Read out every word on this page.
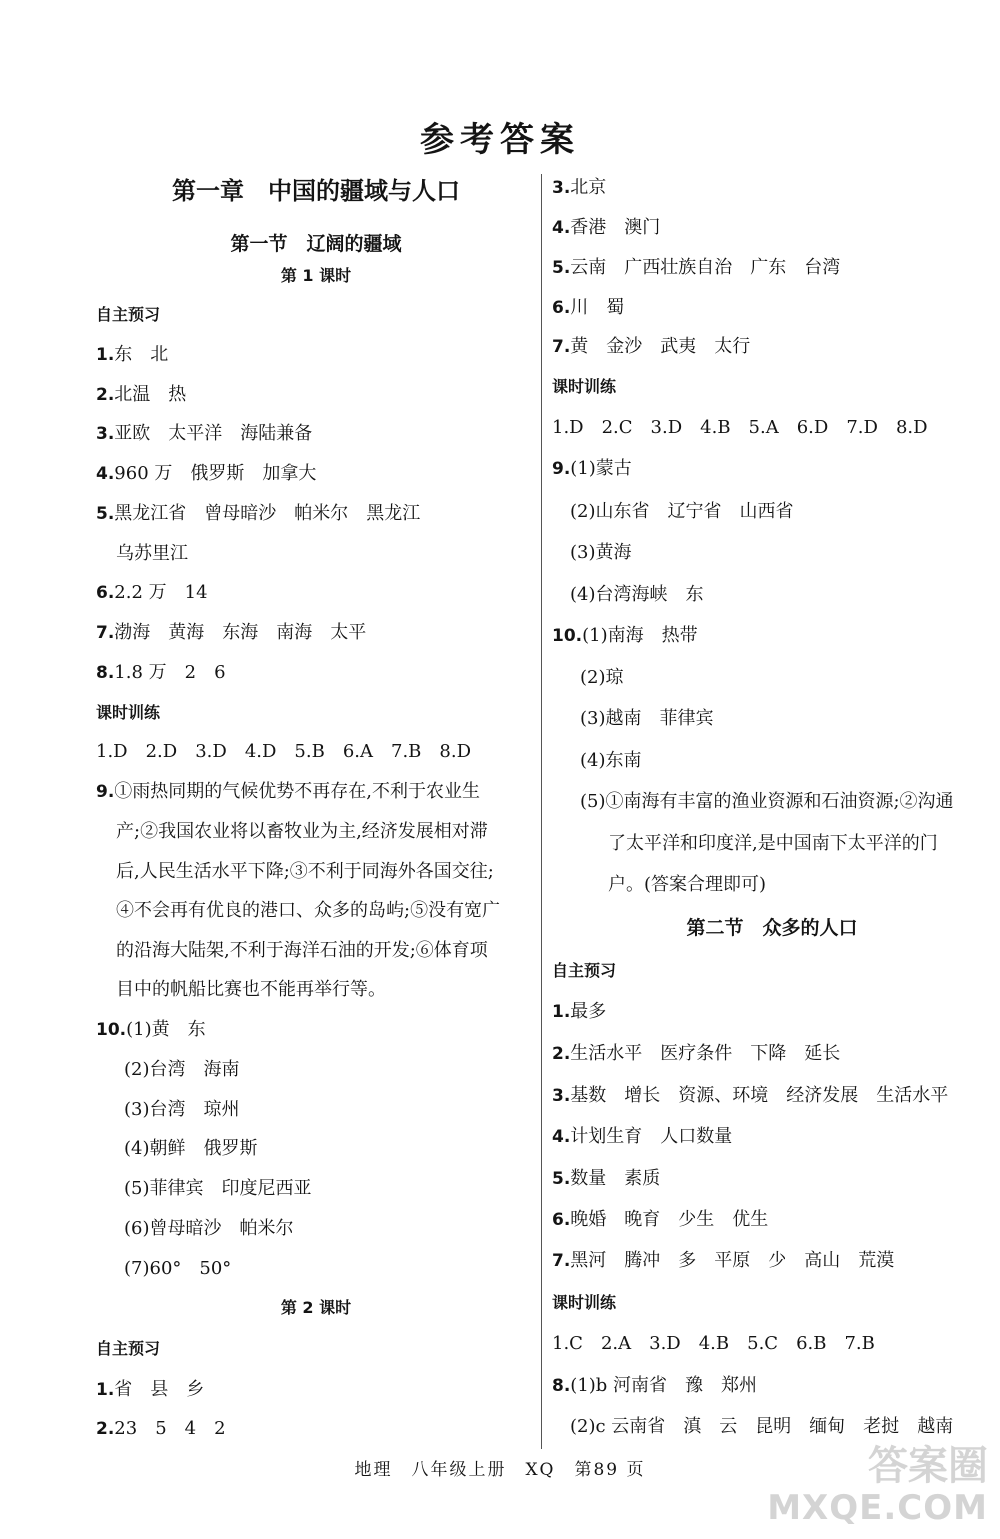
参考答案
第一章　中国的疆域与人口
第一节　辽阔的疆域
第 1 课时
自主预习
1.东　北
2.北温　热
3.亚欧　太平洋　海陆兼备
4.960 万　俄罗斯　加拿大
5.黑龙江省　曾母暗沙　帕米尔　黑龙江
乌苏里江
6.2.2 万　14
7.渤海　黄海　东海　南海　太平
8.1.8 万　2　6
课时训练
1.D　2.D　3.D　4.D　5.B　6.A　7.B　8.D
9.①雨热同期的气候优势不再存在,不利于农业生
产;②我国农业将以畜牧业为主,经济发展相对滞
后,人民生活水平下降;③不利于同海外各国交往;
④不会再有优良的港口、众多的岛屿;⑤没有宽广
的沿海大陆架,不利于海洋石油的开发;⑥体育项
目中的帆船比赛也不能再举行等。
10.(1)黄　东
(2)台湾　海南
(3)台湾　琼州
(4)朝鲜　俄罗斯
(5)菲律宾　印度尼西亚
(6)曾母暗沙　帕米尔
(7)60°　50°
第 2 课时
自主预习
1.省　县　乡
2.23　5　4　2
3.北京
4.香港　澳门
5.云南　广西壮族自治　广东　台湾
6.川　蜀
7.黄　金沙　武夷　太行
课时训练
1.D　2.C　3.D　4.B　5.A　6.D　7.D　8.D
9.(1)蒙古
(2)山东省　辽宁省　山西省
(3)黄海
(4)台湾海峡　东
10.(1)南海　热带
(2)琼
(3)越南　菲律宾
(4)东南
(5)①南海有丰富的渔业资源和石油资源;②沟通
了太平洋和印度洋,是中国南下太平洋的门
户。(答案合理即可)
第二节　众多的人口
自主预习
1.最多
2.生活水平　医疗条件　下降　延长
3.基数　增长　资源、环境　经济发展　生活水平
4.计划生育　人口数量
5.数量　素质
6.晚婚　晚育　少生　优生
7.黑河　腾冲　多　平原　少　高山　荒漠
课时训练
1.C　2.A　3.D　4.B　5.C　6.B　7.B
8.(1)b 河南省　豫　郑州
(2)c 云南省　滇　云　昆明　缅甸　老挝　越南
地理　八年级上册　XQ　第89 页	答案圈
MXQE.COM
